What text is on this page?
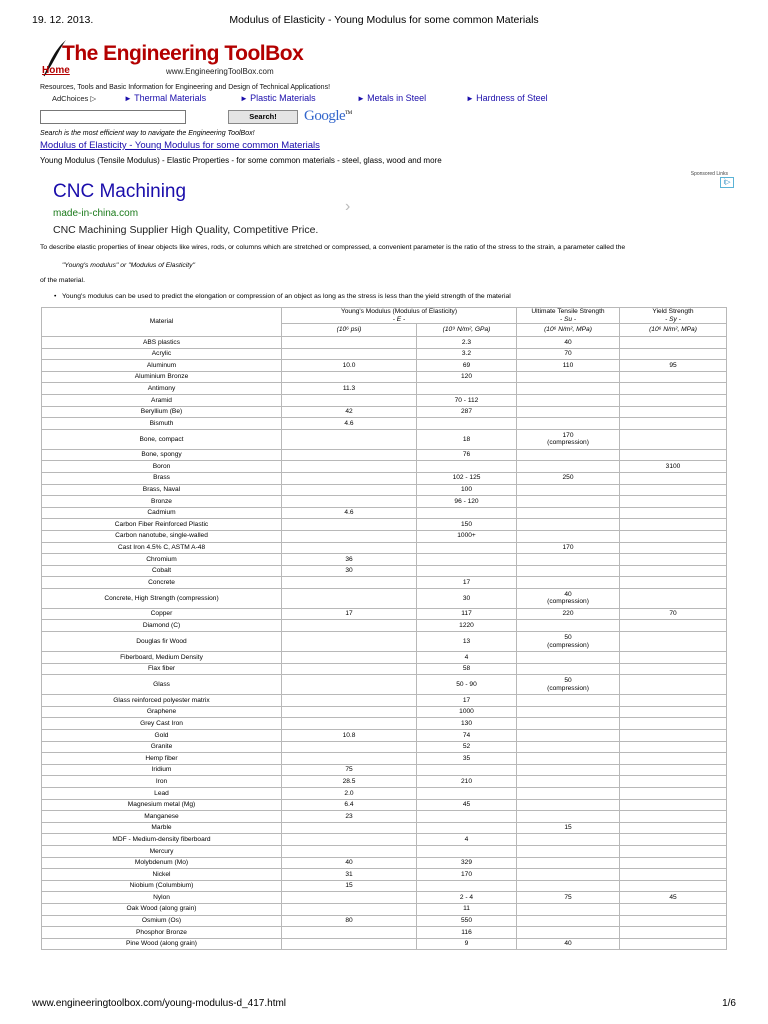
19. 12. 2013.	Modulus of Elasticity - Young Modulus for some common Materials
The Engineering ToolBox
Home	www.EngineeringToolBox.com
Resources, Tools and Basic Information for Engineering and Design of Technical Applications!
AdChoices ▷	► Thermal Materials	► Plastic Materials	► Metals in Steel	► Hardness of Steel
Search!	Google™
Search is the most efficient way to navigate the Engineering ToolBox!
Modulus of Elasticity - Young Modulus for some common Materials
Young Modulus (Tensile Modulus) - Elastic Properties - for some common materials - steel, glass, wood and more
Sponsored Links
CNC Machining
›
made-in-china.com
CNC Machining Supplier High Quality, Competitive Price.
i▷
To describe elastic properties of linear objects like wires, rods, or columns which are stretched or compressed, a convenient parameter is the ratio of the stress to the strain, a parameter called the
"Young's modulus" or "Modulus of Elasticity"
of the material.
• Young's modulus can be used to predict the elongation or compression of an object as long as the stress is less than the yield strength of the material
Material	Young's Modulus (Modulus of Elasticity)
- E -		Ultimate Tensile Strength
- Su -	Yield Strength
- Sy -
	(10⁶ psi)	(10⁹ N/m², GPa)	(10⁶ N/m², MPa)	(10⁶ N/m², MPa)
ABS plastics		2.3	40	
Acrylic		3.2	70	
Aluminum	10.0	69	110	95
Aluminium Bronze		120		
Antimony	11.3			
Aramid		70 - 112		
Beryllium (Be)	42	287		
Bismuth	4.6			
Bone, compact		18	170
(compression)	
Bone, spongy		76		
Boron				3100
Brass		102 - 125	250	
Brass, Naval		100		
Bronze		96 - 120		
Cadmium	4.6			
Carbon Fiber Reinforced Plastic		150		
Carbon nanotube, single-walled		1000+		
Cast Iron 4.5% C, ASTM A-48			170	
Chromium	36			
Cobalt	30			
Concrete		17		
Concrete, High Strength (compression)		30	40
(compression)	
Copper	17	117	220	70
Diamond (C)		1220		
Douglas fir Wood		13	50
(compression)	
Fiberboard, Medium Density		4		
Flax fiber		58		
Glass		50 - 90	50
(compression)	
Glass reinforced polyester matrix		17		
Graphene		1000		
Grey Cast Iron		130		
Gold	10.8	74		
Granite		52		
Hemp fiber		35		
Iridium	75			
Iron	28.5	210		
Lead	2.0			
Magnesium metal (Mg)	6.4	45		
Manganese	23			
Marble			15	
MDF - Medium-density fiberboard		4		
Mercury				
Molybdenum (Mo)	40	329		
Nickel	31	170		
Niobium (Columbium)	15			
Nylon		2 - 4	75	45
Oak Wood (along grain)		11		
Osmium (Os)	80	550		
Phosphor Bronze		116		
Pine Wood (along grain)		9	40	
www.engineeringtoolbox.com/young-modulus-d_417.html	1/6
